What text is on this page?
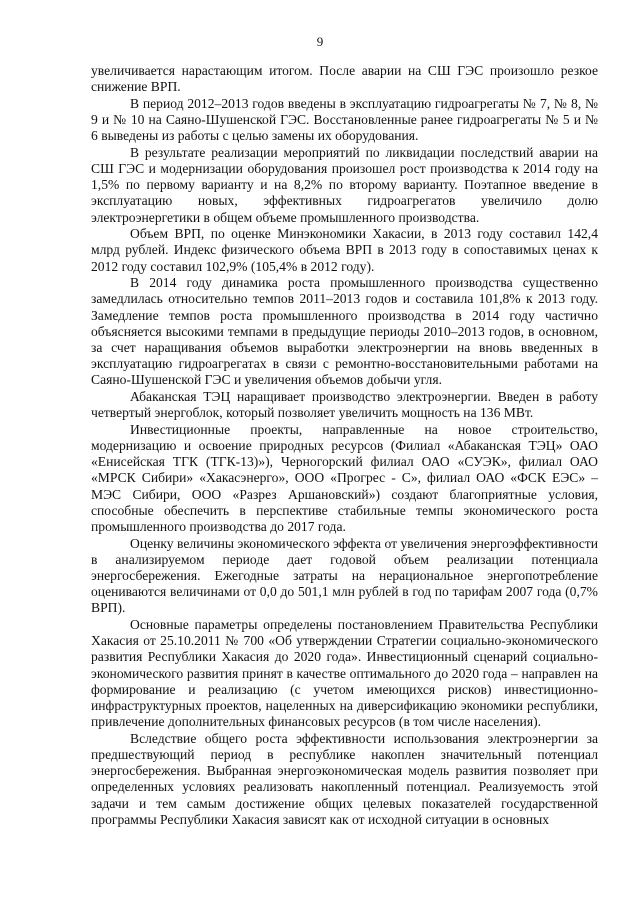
9

увеличивается нарастающим итогом. После аварии на СШ ГЭС произошло резкое снижение ВРП.

В период 2012–2013 годов введены в эксплуатацию гидроагрегаты № 7, № 8, № 9 и № 10 на Саяно-Шушенской ГЭС. Восстановленные ранее гидроагрегаты № 5 и № 6 выведены из работы с целью замены их оборудования.

В результате реализации мероприятий по ликвидации последствий аварии на СШ ГЭС и модернизации оборудования произошел рост производства к 2014 году на 1,5% по первому варианту и на 8,2% по второму варианту. Поэтапное введение в эксплуатацию новых, эффективных гидроагрегатов увеличило долю электроэнергетики в общем объеме промышленного производства.

Объем ВРП, по оценке Минэкономики Хакасии, в 2013 году составил 142,4 млрд рублей. Индекс физического объема ВРП в 2013 году в сопоставимых ценах к 2012 году составил 102,9% (105,4% в 2012 году).

В 2014 году динамика роста промышленного производства существенно замедлилась относительно темпов 2011–2013 годов и составила 101,8% к 2013 году. Замедление темпов роста промышленного производства в 2014 году частично объясняется высокими темпами в предыдущие периоды 2010–2013 годов, в основном, за счет наращивания объемов выработки электроэнергии на вновь введенных в эксплуатацию гидроагрегатах в связи с ремонтно-восстановительными работами на Саяно-Шушенской ГЭС и увеличения объемов добычи угля.

Абаканская ТЭЦ наращивает производство электроэнергии. Введен в работу четвертый энергоблок, который позволяет увеличить мощность на 136 МВт.

Инвестиционные проекты, направленные на новое строительство, модернизацию и освоение природных ресурсов (Филиал «Абаканская ТЭЦ» ОАО «Енисейская ТГК (ТГК-13)»), Черногорский филиал ОАО «СУЭК», филиал ОАО «МРСК Сибири» «Хакасэнерго», ООО «Прогрес - С», филиал ОАО «ФСК ЕЭС» – МЭС Сибири, ООО «Разрез Аршановский») создают благоприятные условия, способные обеспечить в перспективе стабильные темпы экономического роста промышленного производства до 2017 года.

Оценку величины экономического эффекта от увеличения энергоэффективности в анализируемом периоде дает годовой объем реализации потенциала энергосбережения. Ежегодные затраты на нерациональное энергопотребление оцениваются величинами от 0,0 до 501,1 млн рублей в год по тарифам 2007 года (0,7% ВРП).

Основные параметры определены постановлением Правительства Республики Хакасия от 25.10.2011 № 700 «Об утверждении Стратегии социально-экономического развития Республики Хакасия до 2020 года». Инвестиционный сценарий социально-экономического развития принят в качестве оптимального до 2020 года – направлен на формирование и реализацию (с учетом имеющихся рисков) инвестиционно-инфраструктурных проектов, нацеленных на диверсификацию экономики республики, привлечение дополнительных финансовых ресурсов (в том числе населения).

Вследствие общего роста эффективности использования электроэнергии за предшествующий период в республике накоплен значительный потенциал энергосбережения. Выбранная энергоэкономическая модель развития позволяет при определенных условиях реализовать накопленный потенциал. Реализуемость этой задачи и тем самым достижение общих целевых показателей государственной программы Республики Хакасия зависят как от исходной ситуации в основных
